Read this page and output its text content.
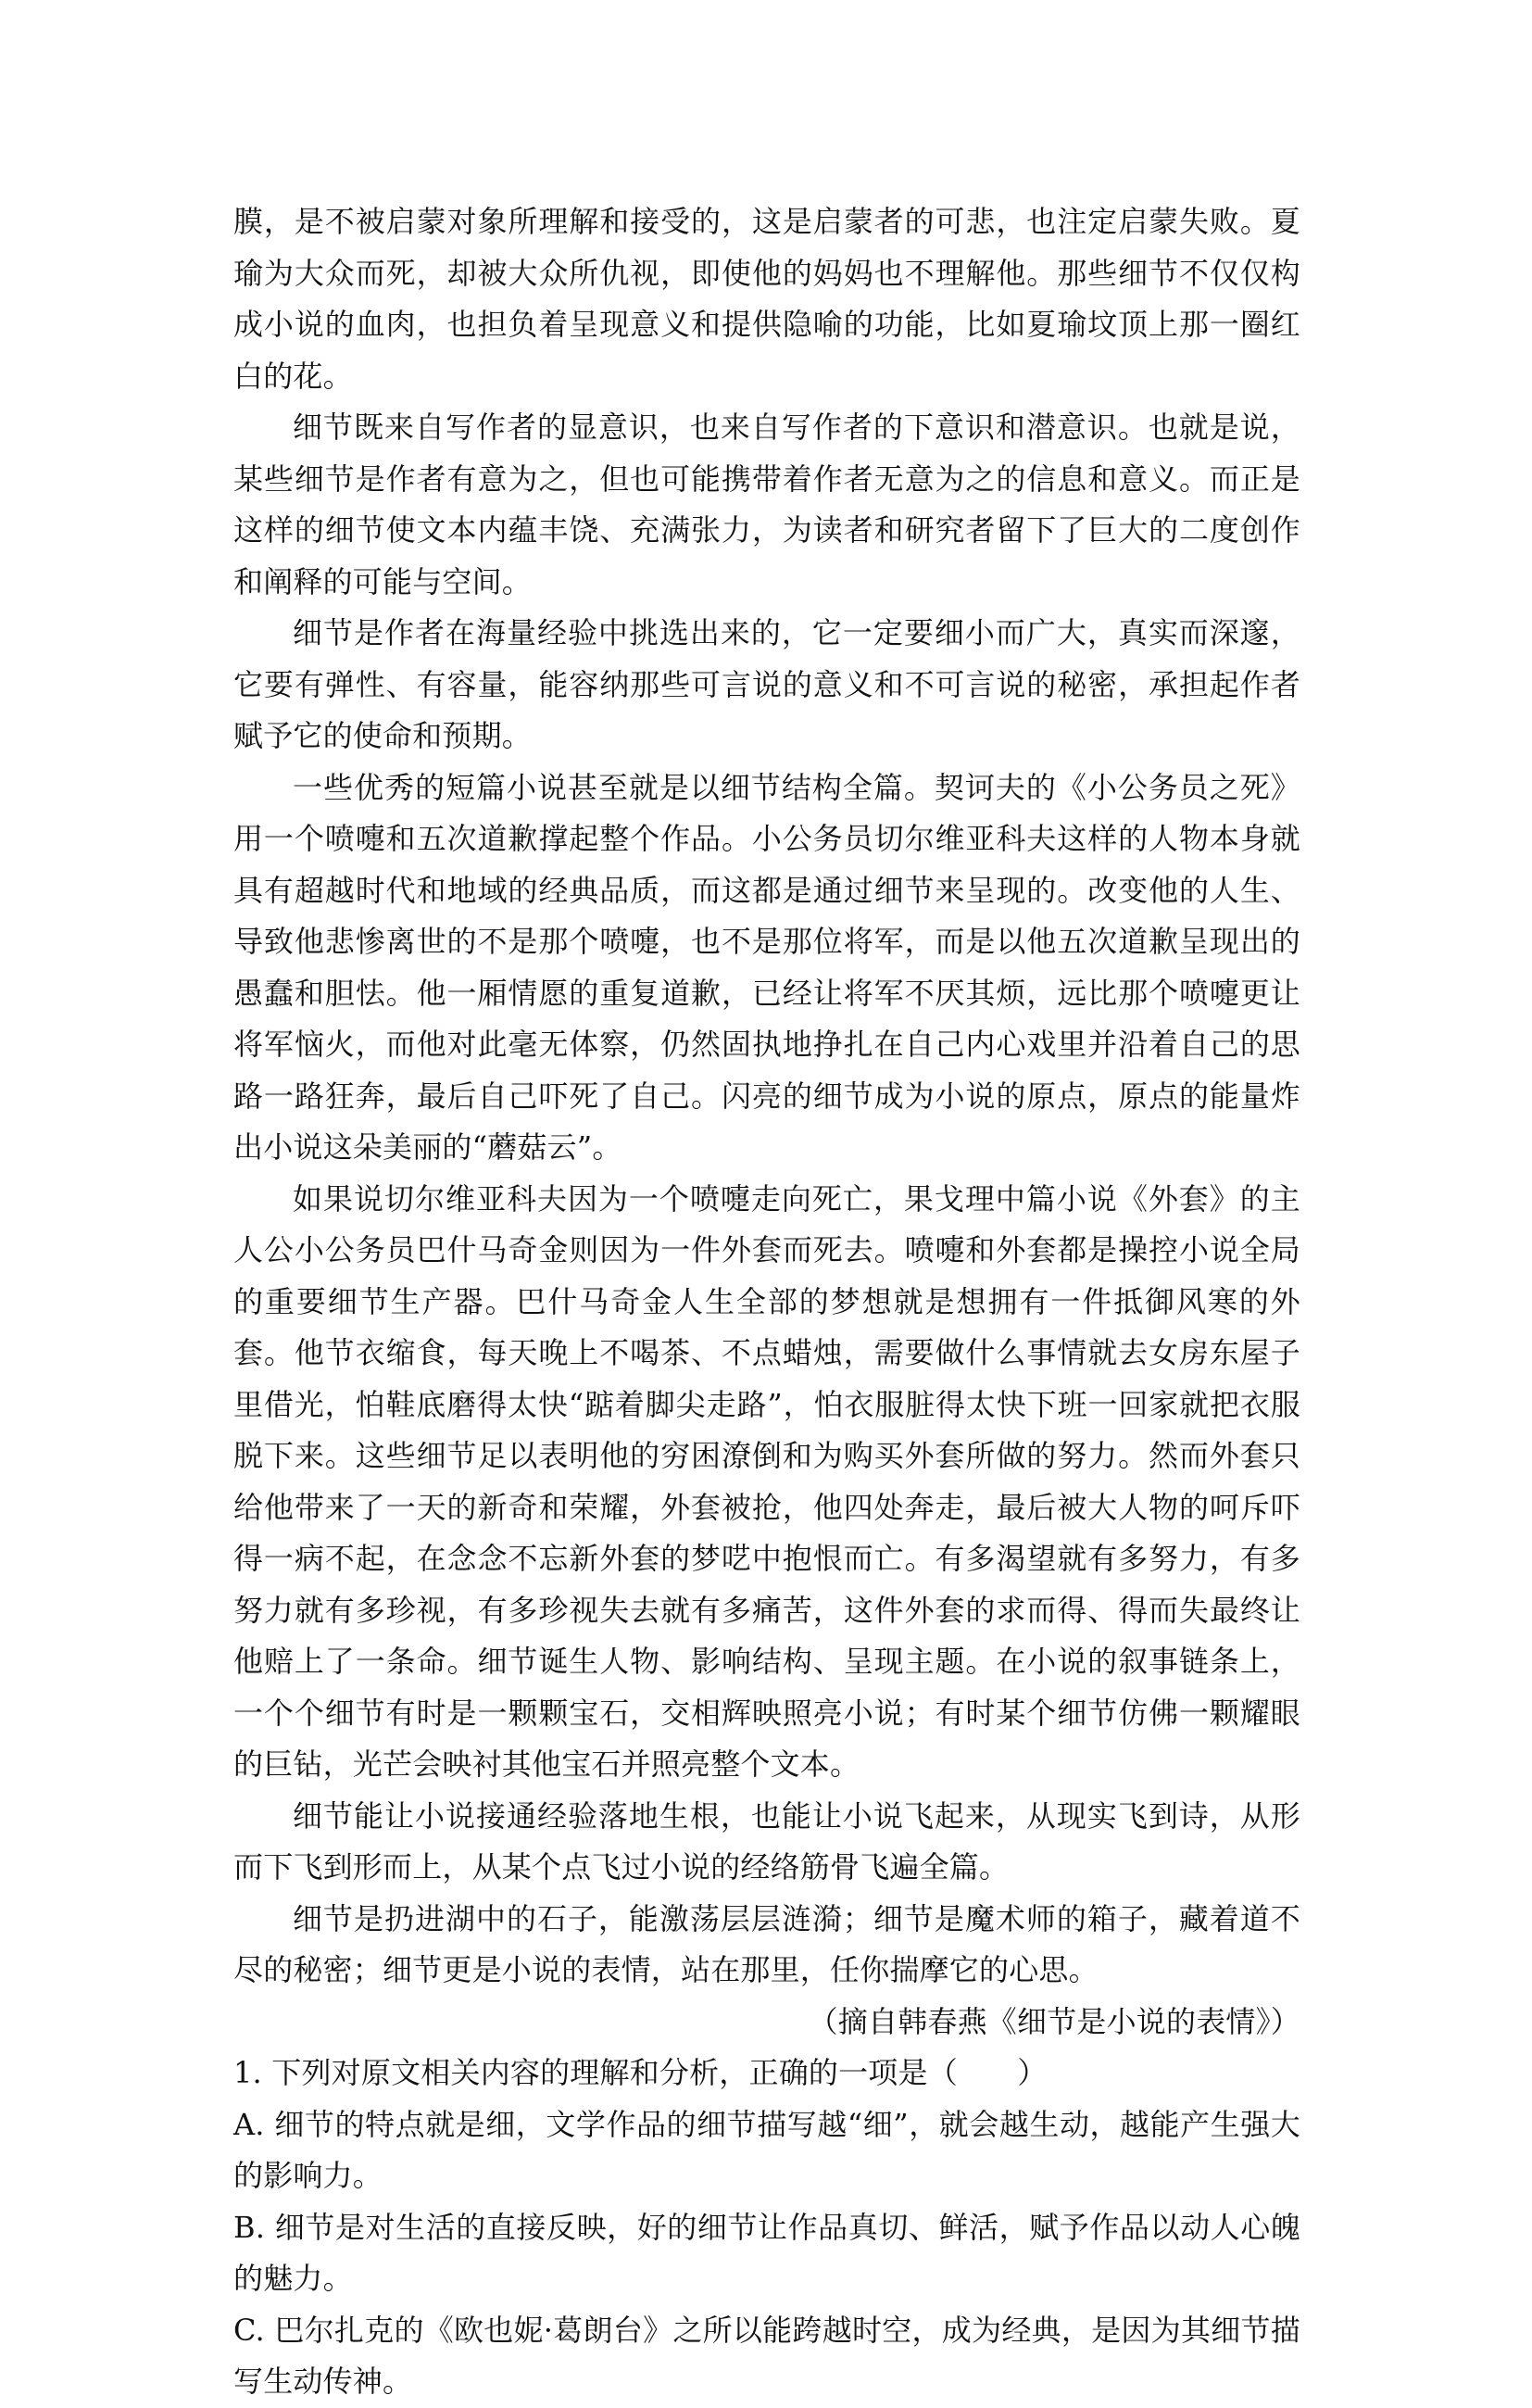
膜，是不被启蒙对象所理解和接受的，这是启蒙者的可悲，也注定启蒙失败。夏瑜为大众而死，却被大众所仇视，即使他的妈妈也不理解他。那些细节不仅仅构成小说的血肉，也担负着呈现意义和提供隐喻的功能，比如夏瑜坟顶上那一圈红白的花。

细节既来自写作者的显意识，也来自写作者的下意识和潜意识。也就是说，某些细节是作者有意为之，但也可能携带着作者无意为之的信息和意义。而正是这样的细节使文本内蕴丰饶、充满张力，为读者和研究者留下了巨大的二度创作和阐释的可能与空间。

细节是作者在海量经验中挑选出来的，它一定要细小而广大，真实而深邃，它要有弹性、有容量，能容纳那些可言说的意义和不可言说的秘密，承担起作者赋予它的使命和预期。

一些优秀的短篇小说甚至就是以细节结构全篇。契诃夫的《小公务员之死》用一个喷嚏和五次道歉撑起整个作品。小公务员切尔维亚科夫这样的人物本身就具有超越时代和地域的经典品质，而这都是通过细节来呈现的。改变他的人生、导致他悲惨离世的不是那个喷嚏，也不是那位将军，而是以他五次道歉呈现出的愚蠢和胆怯。他一厢情愿的重复道歉，已经让将军不厌其烦，远比那个喷嚏更让将军恼火，而他对此毫无体察，仍然固执地挣扎在自己内心戏里并沿着自己的思路一路狂奔，最后自己吓死了自己。闪亮的细节成为小说的原点，原点的能量炸出小说这朵美丽的“蘑菇云”。

如果说切尔维亚科夫因为一个喷嚏走向死亡，果戈理中篇小说《外套》的主人公小公务员巴什马奇金则因为一件外套而死去。喷嚏和外套都是操控小说全局的重要细节生产器。巴什马奇金人生全部的梦想就是想拥有一件抵御风寒的外套。他节衣缩食，每天晚上不喝茶、不点蜡烛，需要做什么事情就去女房东屋子里借光，怕鞋底磨得太快“踮着脚尖走路”，怕衣服脏得太快下班一回家就把衣服脱下来。这些细节足以表明他的穷困潦倒和为购买外套所做的努力。然而外套只给他带来了一天的新奇和荣耀，外套被抢，他四处奔走，最后被大人物的呵斥吓得一病不起，在念念不忘新外套的梦呓中抱恨而亡。有多渴望就有多努力，有多努力就有多珍视，有多珍视失去就有多痛苦，这件外套的求而得、得而失最终让他赔上了一条命。细节诞生人物、影响结构、呈现主题。在小说的叙事链条上，一个个细节有时是一颗颗宝石，交相辉映照亮小说；有时某个细节仿佛一颗耀眼的巨钻，光芒会映衬其他宝石并照亮整个文本。

细节能让小说接通经验落地生根，也能让小说飞起来，从现实飞到诗，从形而下飞到形而上，从某个点飞过小说的经络筋骨飞遍全篇。

细节是扔进湖中的石子，能激荡层层涟漪；细节是魔术师的箱子，藏着道不尽的秘密；细节更是小说的表情，站在那里，任你揣摩它的心思。

（摘自韩春燕《细节是小说的表情》）

1. 下列对原文相关内容的理解和分析，正确的一项是（　　）

A. 细节的特点就是细，文学作品的细节描写越“细”，就会越生动，越能产生强大的影响力。

B. 细节是对生活的直接反映，好的细节让作品真切、鲜活，赋予作品以动人心魄的魅力。

C. 巴尔扎克的《欧也妮·葛朗台》之所以能跨越时空，成为经典，是因为其细节描写生动传神。
